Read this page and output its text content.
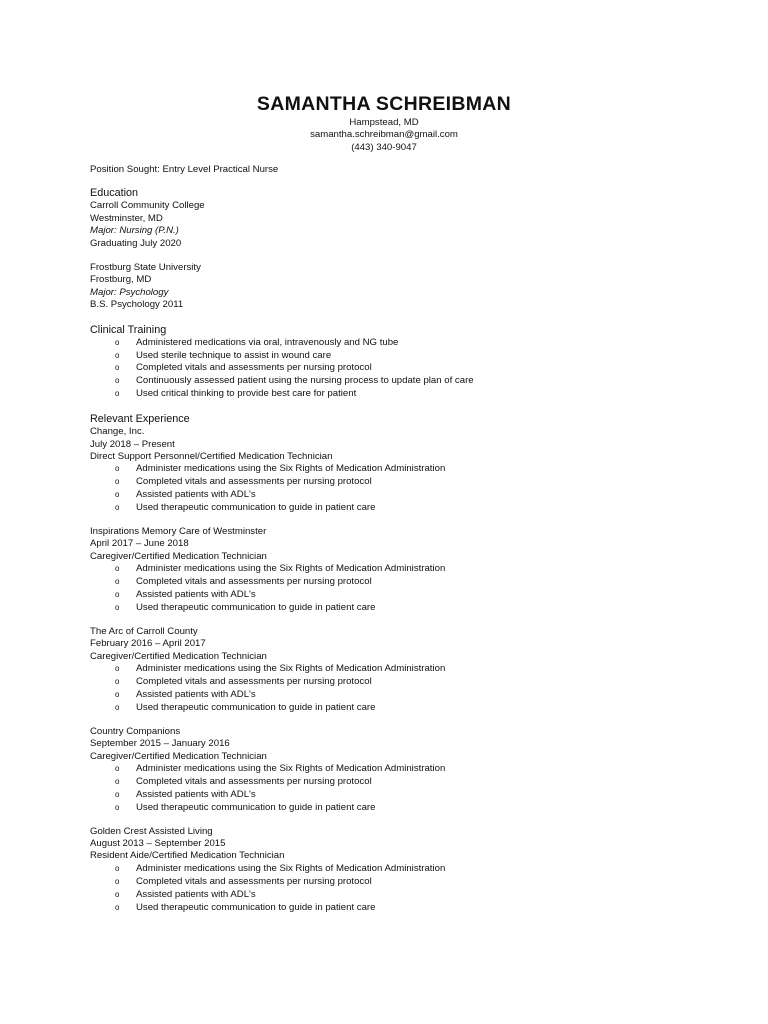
SAMANTHA SCHREIBMAN
Hampstead, MD
samantha.schreibman@gmail.com
(443) 340-9047
Position Sought: Entry Level Practical Nurse
Education
Carroll Community College
Westminster, MD
Major: Nursing (P.N.)
Graduating July 2020
Frostburg State University
Frostburg, MD
Major: Psychology
B.S. Psychology 2011
Clinical Training
o Administered medications via oral, intravenously and NG tube
o Used sterile technique to assist in wound care
o Completed vitals and assessments per nursing protocol
o Continuously assessed patient using the nursing process to update plan of care
o Used critical thinking to provide best care for patient
Relevant Experience
Change, Inc.
July 2018 – Present
Direct Support Personnel/Certified Medication Technician
o Administer medications using the Six Rights of Medication Administration
o Completed vitals and assessments per nursing protocol
o Assisted patients with ADL's
o Used therapeutic communication to guide in patient care
Inspirations Memory Care of Westminster
April 2017 – June 2018
Caregiver/Certified Medication Technician
o Administer medications using the Six Rights of Medication Administration
o Completed vitals and assessments per nursing protocol
o Assisted patients with ADL's
o Used therapeutic communication to guide in patient care
The Arc of Carroll County
February 2016 – April 2017
Caregiver/Certified Medication Technician
o Administer medications using the Six Rights of Medication Administration
o Completed vitals and assessments per nursing protocol
o Assisted patients with ADL's
o Used therapeutic communication to guide in patient care
Country Companions
September 2015 – January 2016
Caregiver/Certified Medication Technician
o Administer medications using the Six Rights of Medication Administration
o Completed vitals and assessments per nursing protocol
o Assisted patients with ADL's
o Used therapeutic communication to guide in patient care
Golden Crest Assisted Living
August 2013 – September 2015
Resident Aide/Certified Medication Technician
o Administer medications using the Six Rights of Medication Administration
o Completed vitals and assessments per nursing protocol
o Assisted patients with ADL's
o Used therapeutic communication to guide in patient care
